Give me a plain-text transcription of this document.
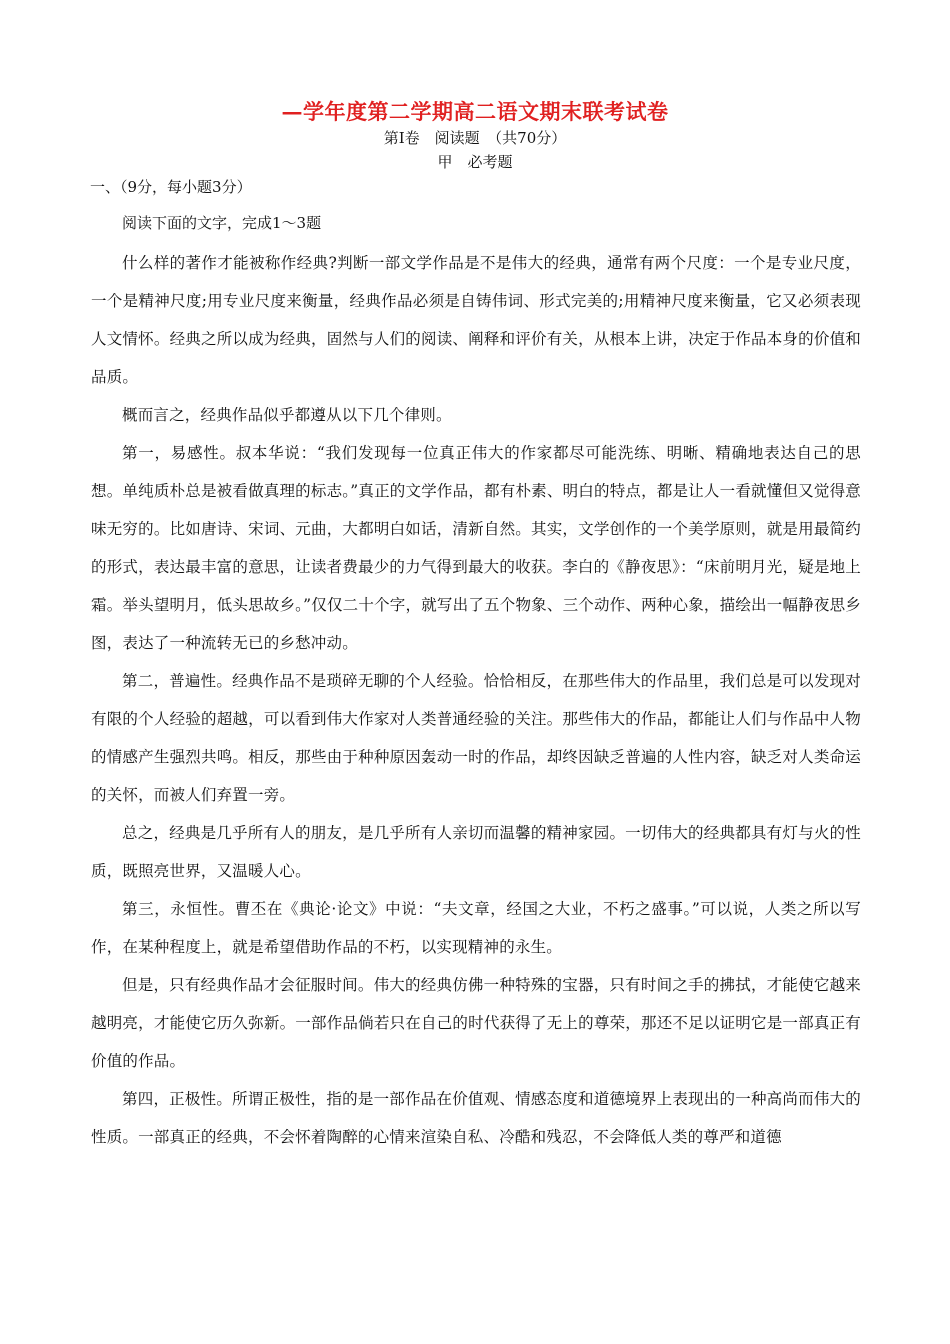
—学年度第二学期高二语文期末联考试卷
第Ⅰ卷　阅读题　（共70分）
甲　必考题
一、（9分，每小题3分）
阅读下面的文字，完成1～3题

什么样的著作才能被称作经典?判断一部文学作品是不是伟大的经典，通常有两个尺度：一个是专业尺度，一个是精神尺度;用专业尺度来衡量，经典作品必须是自铸伟词、形式完美的;用精神尺度来衡量，它又必须表现人文情怀。经典之所以成为经典，固然与人们的阅读、阐释和评价有关，从根本上讲，决定于作品本身的价值和品质。

概而言之，经典作品似乎都遵从以下几个律则。

第一，易感性。叔本华说：“我们发现每一位真正伟大的作家都尽可能洗练、明晰、精确地表达自己的思想。单纯质朴总是被看做真理的标志。”真正的文学作品，都有朴素、明白的特点，都是让人一看就懂但又觉得意味无穷的。比如唐诗、宋词、元曲，大都明白如话，清新自然。其实，文学创作的一个美学原则，就是用最简约的形式，表达最丰富的意思，让读者费最少的力气得到最大的收获。李白的《静夜思》：“床前明月光，疑是地上霜。举头望明月，低头思故乡。”仅仅二十个字，就写出了五个物象、三个动作、两种心象，描绘出一幅静夜思乡图，表达了一种流转无已的乡愁冲动。

第二，普遍性。经典作品不是琐碎无聊的个人经验。恰恰相反，在那些伟大的作品里，我们总是可以发现对有限的个人经验的超越，可以看到伟大作家对人类普通经验的关注。那些伟大的作品，都能让人们与作品中人物的情感产生强烈共鸣。相反，那些由于种种原因轰动一时的作品，却终因缺乏普遍的人性内容，缺乏对人类命运的关怀，而被人们弃置一旁。

总之，经典是几乎所有人的朋友，是几乎所有人亲切而温馨的精神家园。一切伟大的经典都具有灯与火的性质，既照亮世界，又温暖人心。

第三，永恒性。曹丕在《典论·论文》中说：“夫文章，经国之大业，不朽之盛事。”可以说，人类之所以写作，在某种程度上，就是希望借助作品的不朽，以实现精神的永生。

但是，只有经典作品才会征服时间。伟大的经典仿佛一种特殊的宝器，只有时间之手的拂拭，才能使它越来越明亮，才能使它历久弥新。一部作品倘若只在自己的时代获得了无上的尊荣，那还不足以证明它是一部真正有价值的作品。

第四，正极性。所谓正极性，指的是一部作品在价值观、情感态度和道德境界上表现出的一种高尚而伟大的性质。一部真正的经典，不会怀着陶醉的心情来渲染自私、冷酷和残忍，不会降低人类的尊严和道德
